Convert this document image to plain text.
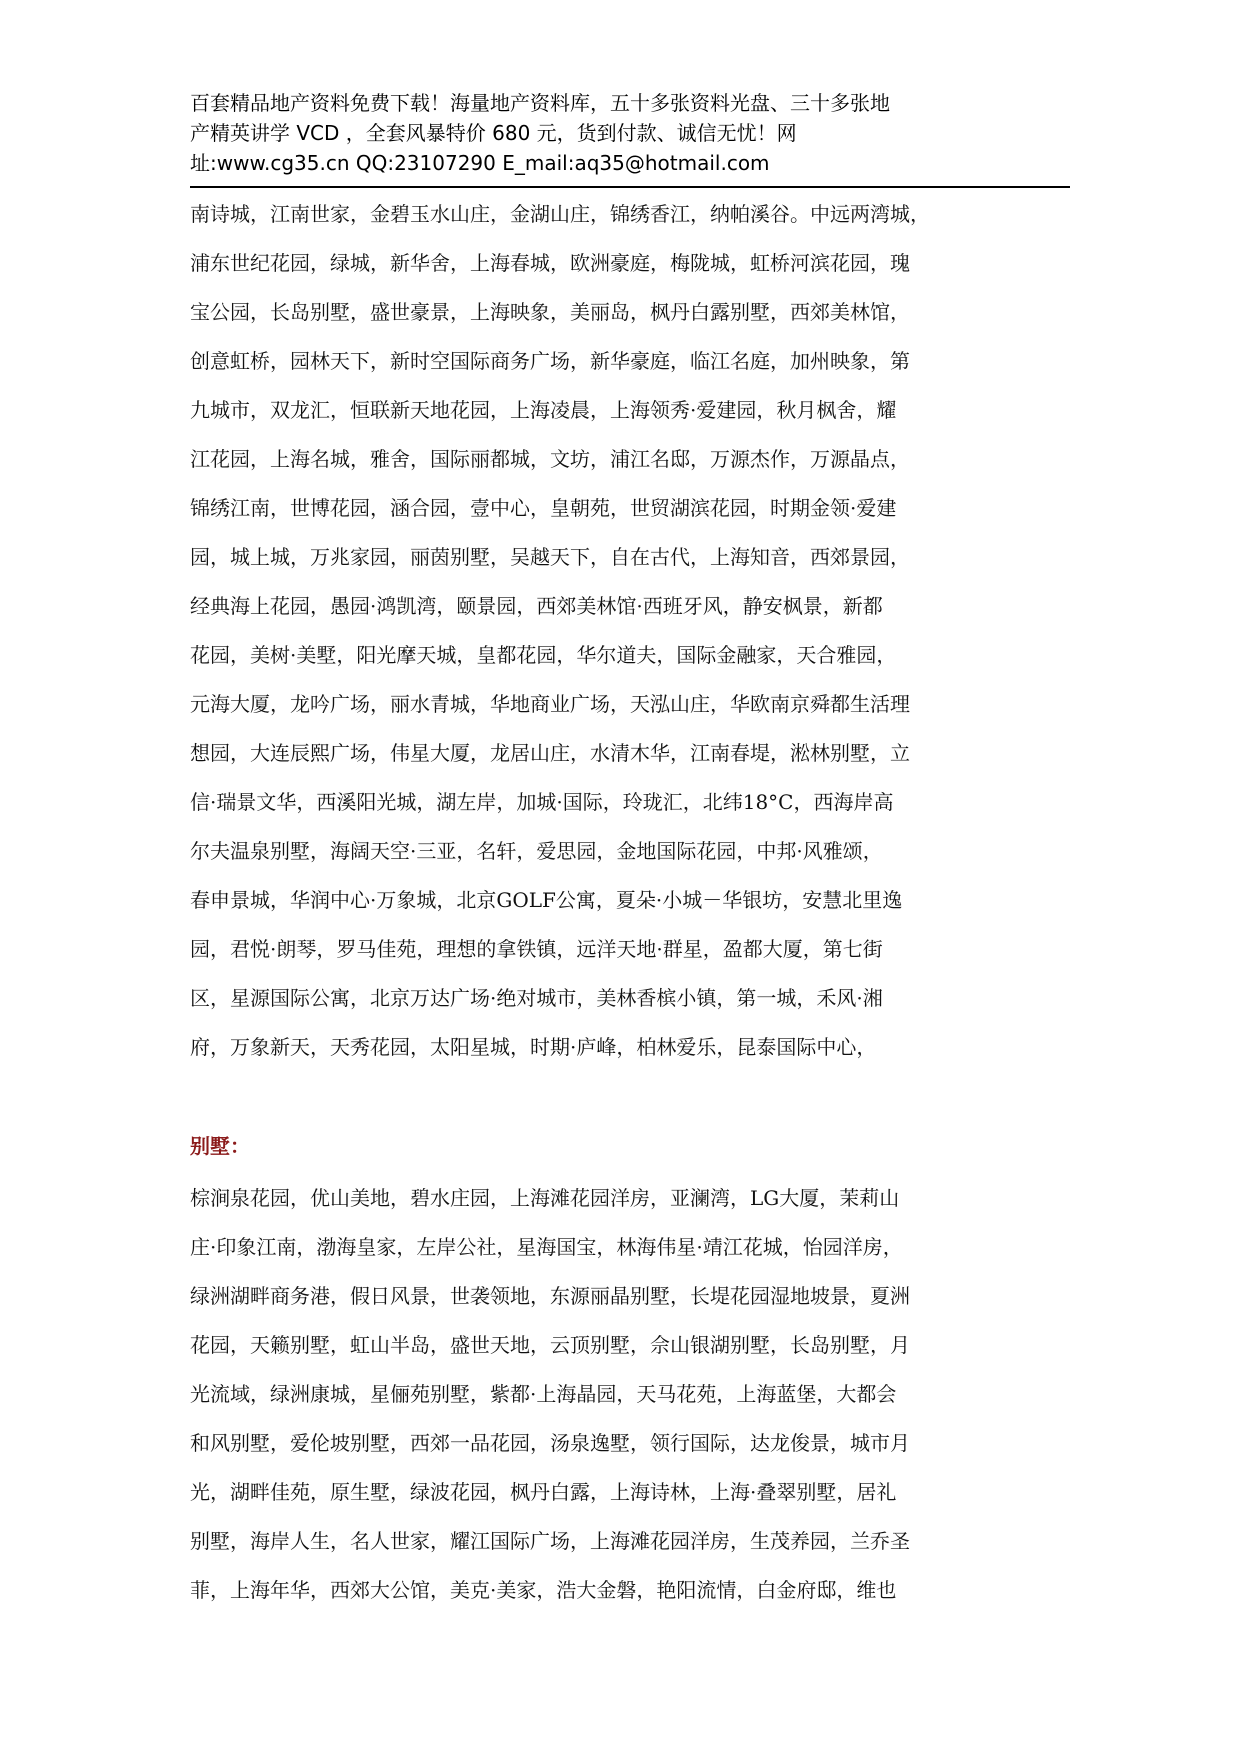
百套精品地产资料免费下载！海量地产资料库，五十多张资料光盘、三十多张地
产精英讲学 VCD ，全套风暴特价 680 元，货到付款、诚信无忧！网
址:www.cg35.cn QQ:23107290 E_mail:aq35@hotmail.com
南诗城，江南世家，金碧玉水山庄，金湖山庄，锦绣香江，纳帕溪谷。中远两湾城，
浦东世纪花园，绿城，新华舍，上海春城，欧洲豪庭，梅陇城，虹桥河滨花园，瑰
宝公园，长岛别墅，盛世豪景，上海映象，美丽岛，枫丹白露别墅，西郊美林馆，
创意虹桥，园林天下，新时空国际商务广场，新华豪庭，临江名庭，加州映象，第
九城市，双龙汇，恒联新天地花园，上海凌晨，上海领秀·爱建园，秋月枫舍，耀
江花园，上海名城，雅舍，国际丽都城，文坊，浦江名邸，万源杰作，万源晶点，
锦绣江南，世博花园，涵合园，壹中心，皇朝苑，世贸湖滨花园，时期金领·爱建
园，城上城，万兆家园，丽茵别墅，吴越天下，自在古代，上海知音，西郊景园，
经典海上花园，愚园·鸿凯湾，颐景园，西郊美林馆·西班牙风，静安枫景，新都
花园，美树·美墅，阳光摩天城，皇都花园，华尔道夫，国际金融家，天合雅园，
元海大厦，龙吟广场，丽水青城，华地商业广场，天泓山庄，华欧南京舜都生活理
想园，大连辰熙广场，伟星大厦，龙居山庄，水清木华，江南春堤，淞林别墅，立
信·瑞景文华，西溪阳光城，湖左岸，加城·国际，玲珑汇，北纬18°C，西海岸高
尔夫温泉别墅，海阔天空·三亚，名轩，爱思园，金地国际花园，中邦·风雅颂，
春申景城，华润中心·万象城，北京GOLF公寓，夏朵·小城－华银坊，安慧北里逸
园，君悦·朗琴，罗马佳苑，理想的拿铁镇，远洋天地·群星，盈都大厦，第七街
区，星源国际公寓，北京万达广场·绝对城市，美林香槟小镇，第一城，禾风·湘
府，万象新天，天秀花园，太阳星城，时期·庐峰，柏林爱乐，昆泰国际中心，
别墅：
棕涧泉花园，优山美地，碧水庄园，上海滩花园洋房，亚澜湾，LG大厦，茉莉山
庄·印象江南，渤海皇家，左岸公社，星海国宝，林海伟星·靖江花城，怡园洋房，
绿洲湖畔商务港，假日风景，世袭领地，东源丽晶别墅，长堤花园湿地坡景，夏洲
花园，天籁别墅，虹山半岛，盛世天地，云顶别墅，佘山银湖别墅，长岛别墅，月
光流域，绿洲康城，星俪苑别墅，紫都·上海晶园，天马花苑，上海蓝堡，大都会
和风别墅，爱伦坡别墅，西郊一品花园，汤泉逸墅，领行国际，达龙俊景，城市月
光，湖畔佳苑，原生墅，绿波花园，枫丹白露，上海诗林，上海·叠翠别墅，居礼
别墅，海岸人生，名人世家，耀江国际广场，上海滩花园洋房，生茂养园，兰乔圣
菲，上海年华，西郊大公馆，美克·美家，浩大金磐，艳阳流情，白金府邸，维也
